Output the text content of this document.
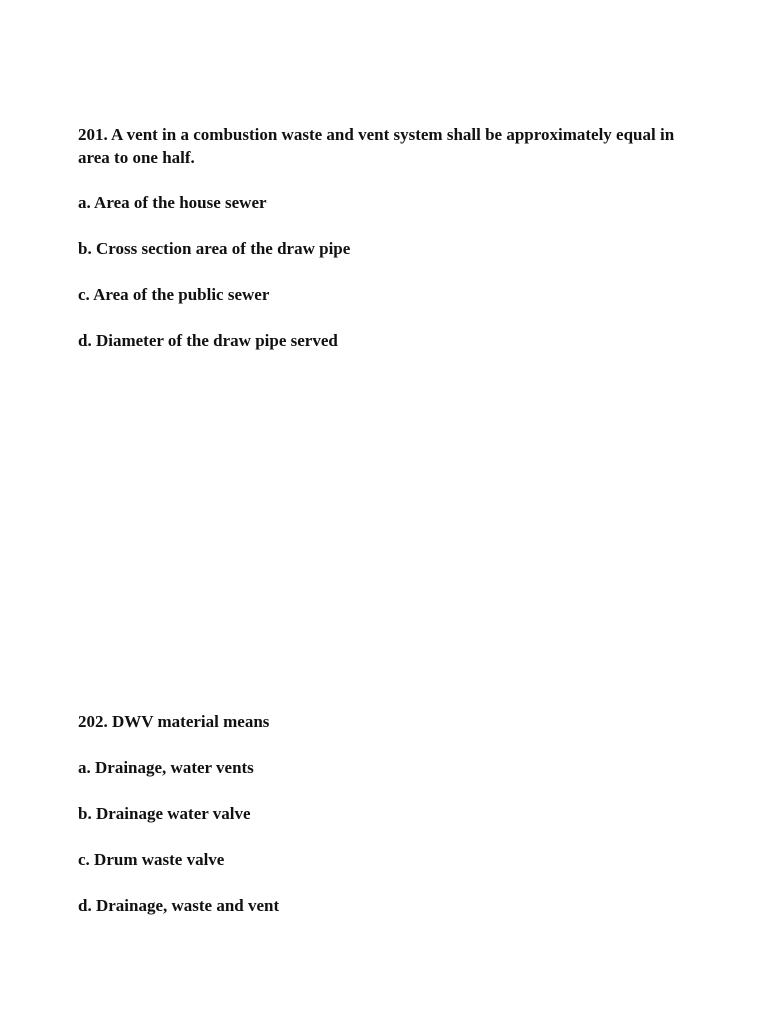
201. A vent in a combustion waste and vent system shall be approximately equal in area to one half.

a. Area of the house sewer

b. Cross section area of the draw pipe

c. Area of the public sewer

d. Diameter of the draw pipe served

202. DWV material means

a. Drainage, water vents

b. Drainage water valve

c. Drum waste valve

d. Drainage, waste and vent
